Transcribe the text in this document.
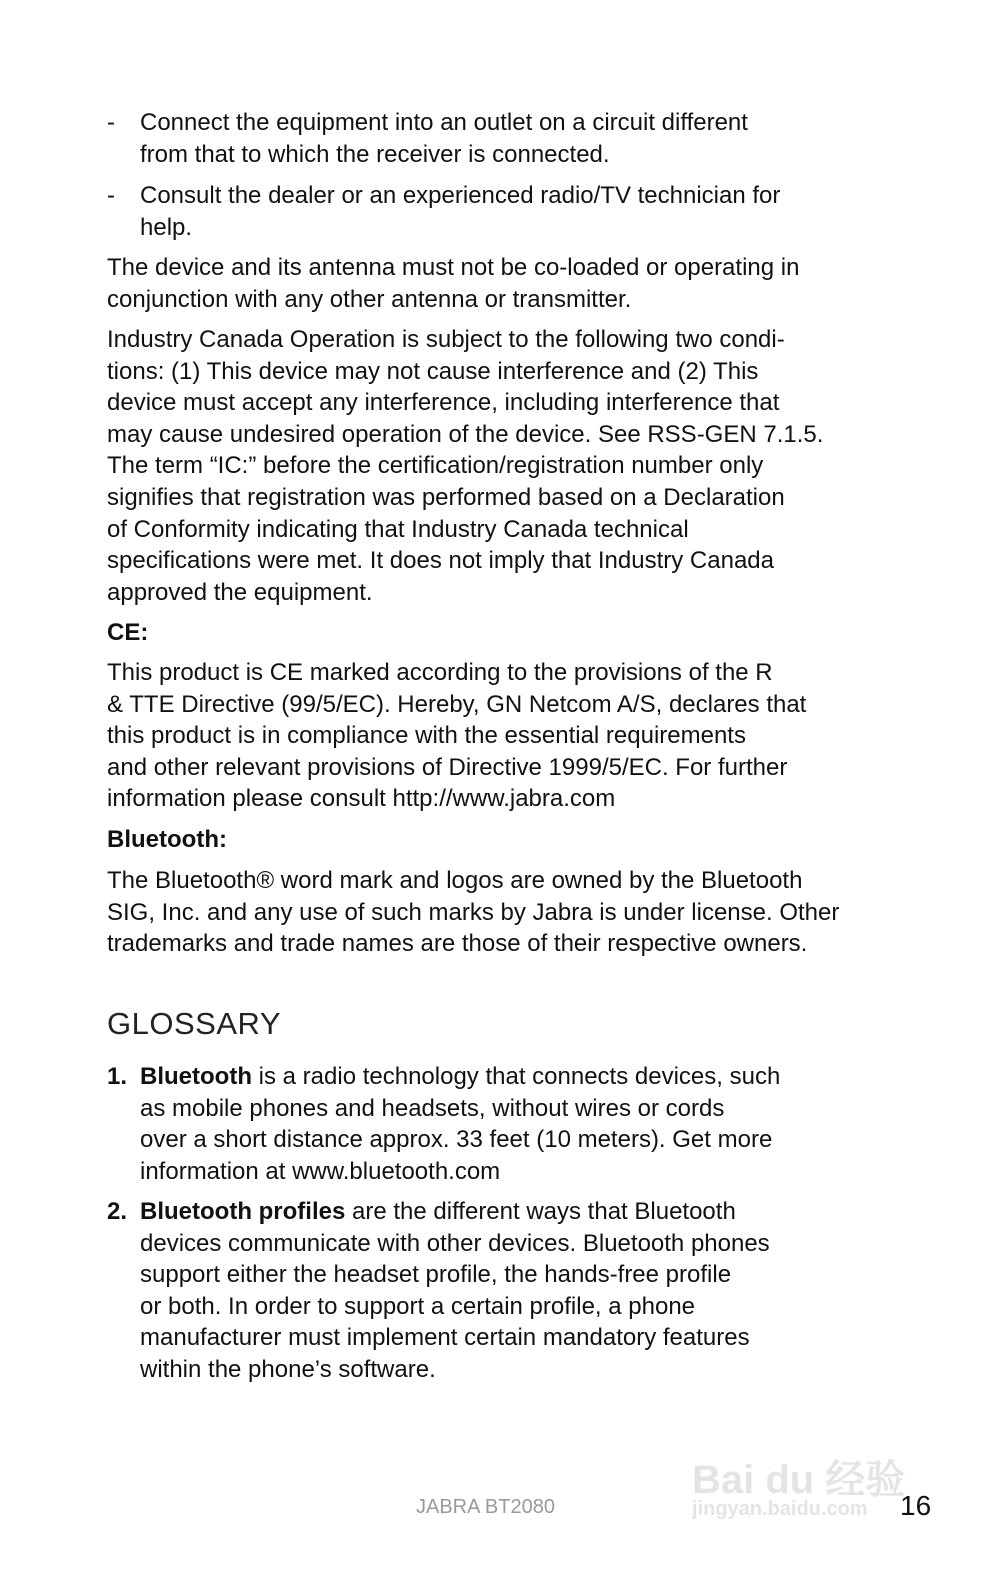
Bai du 经验
jingyan.baidu.com
- Connect the equipment into an outlet on a circuit different
from that to which the receiver is connected.
- Consult the dealer or an experienced radio/TV technician for
help.
The device and its antenna must not be co-loaded or operating in
conjunction with any other antenna or transmitter.
Industry Canada Operation is subject to the following two condi-
tions: (1) This device may not cause interference and (2) This
device must accept any interference, including interference that
may cause undesired operation of the device. See RSS-GEN 7.1.5.
The term “IC:” before the certification/registration number only
signifies that registration was performed based on a Declaration
of Conformity indicating that Industry Canada technical
specifications were met. It does not imply that Industry Canada
approved the equipment.
CE:
This product is CE marked according to the provisions of the R
& TTE Directive (99/5/EC). Hereby, GN Netcom A/S, declares that
this product is in compliance with the essential requirements
and other relevant provisions of Directive 1999/5/EC. For further
information please consult http://www.jabra.com
Bluetooth:
The Bluetooth® word mark and logos are owned by the Bluetooth
SIG, Inc. and any use of such marks by Jabra is under license. Other
trademarks and trade names are those of their respective owners.
GLOSSARY
1. Bluetooth is a radio technology that connects devices, such
as mobile phones and headsets, without wires or cords
over a short distance approx. 33 feet (10 meters). Get more
information at www.bluetooth.com
2. Bluetooth profiles are the different ways that Bluetooth
devices communicate with other devices. Bluetooth phones
support either the headset profile, the hands-free profile
or both. In order to support a certain profile, a phone
manufacturer must implement certain mandatory features
within the phone’s software.
JABRA BT2080	16
